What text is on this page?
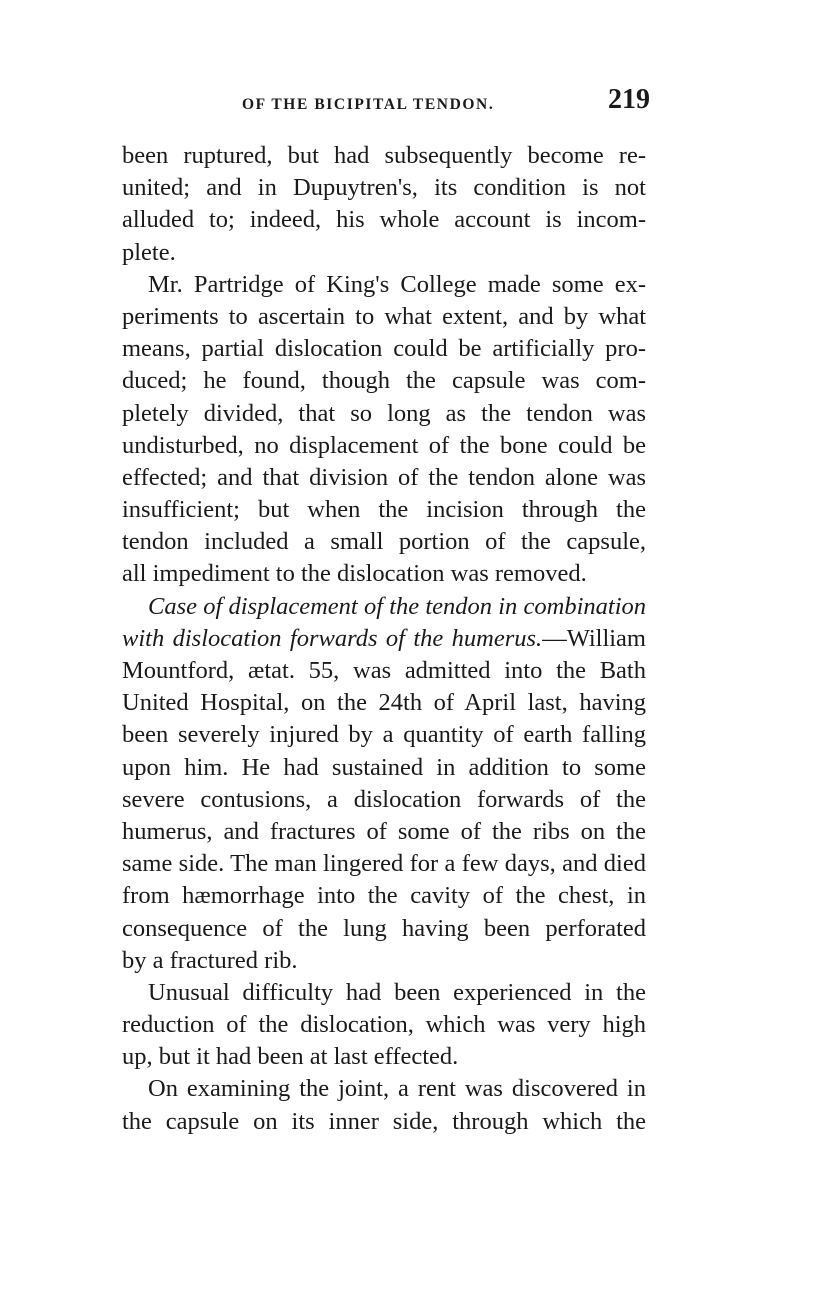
OF THE BICIPITAL TENDON.	219
been ruptured, but had subsequently become re-
united; and in Dupuytren's, its condition is not
alluded to; indeed, his whole account is incom-
plete.
Mr. Partridge of King's College made some ex-
periments to ascertain to what extent, and by what
means, partial dislocation could be artificially pro-
duced; he found, though the capsule was com-
pletely divided, that so long as the tendon was
undisturbed, no displacement of the bone could be
effected; and that division of the tendon alone was
insufficient; but when the incision through the
tendon included a small portion of the capsule,
all impediment to the dislocation was removed.
Case of displacement of the tendon in combination
with dislocation forwards of the humerus.—William
Mountford, ætat. 55, was admitted into the Bath
United Hospital, on the 24th of April last, having
been severely injured by a quantity of earth falling
upon him. He had sustained in addition to some
severe contusions, a dislocation forwards of the
humerus, and fractures of some of the ribs on the
same side. The man lingered for a few days, and died
from hæmorrhage into the cavity of the chest, in
consequence of the lung having been perforated
by a fractured rib.
Unusual difficulty had been experienced in the
reduction of the dislocation, which was very high
up, but it had been at last effected.
On examining the joint, a rent was discovered in
the capsule on its inner side, through which the
